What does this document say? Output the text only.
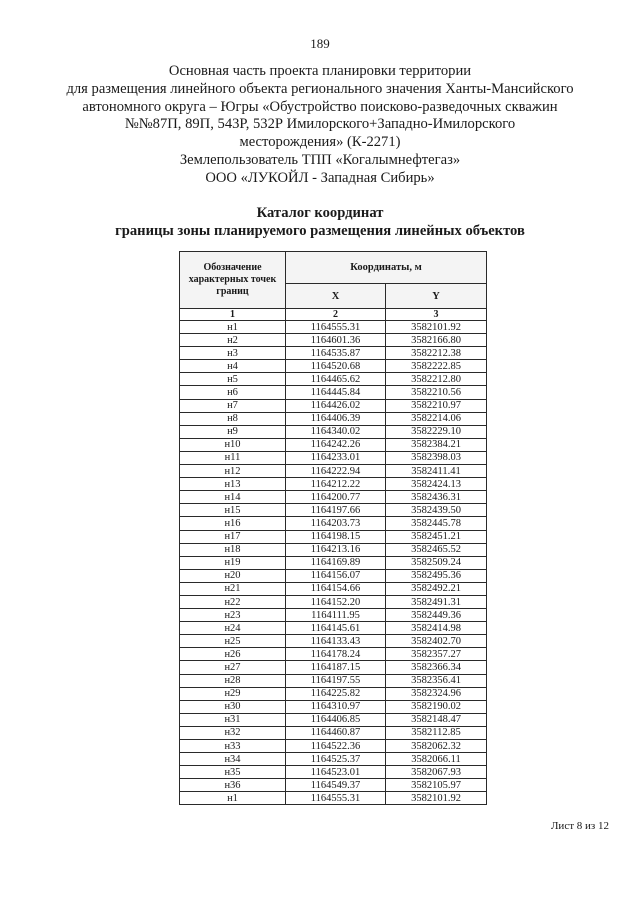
189
Основная часть проекта планировки территории
для размещения линейного объекта регионального значения Ханты-Мансийского
автономного округа – Югры «Обустройство поисково-разведочных скважин
№№87П, 89П, 543Р, 532Р Имилорского+Западно-Имилорского
месторождения» (К-2271)
Землепользователь ТПП «Когалымнефтегаз»
ООО «ЛУКОЙЛ - Западная Сибирь»
Каталог координат
границы зоны планируемого размещения линейных объектов
Обозначение характерных точек границ	Координаты, м	
	X	Y
1	2	3
н1	1164555.31	3582101.92
н2	1164601.36	3582166.80
н3	1164535.87	3582212.38
н4	1164520.68	3582222.85
н5	1164465.62	3582212.80
н6	1164445.84	3582210.56
н7	1164426.02	3582210.97
н8	1164406.39	3582214.06
н9	1164340.02	3582229.10
н10	1164242.26	3582384.21
н11	1164233.01	3582398.03
н12	1164222.94	3582411.41
н13	1164212.22	3582424.13
н14	1164200.77	3582436.31
н15	1164197.66	3582439.50
н16	1164203.73	3582445.78
н17	1164198.15	3582451.21
н18	1164213.16	3582465.52
н19	1164169.89	3582509.24
н20	1164156.07	3582495.36
н21	1164154.66	3582492.21
н22	1164152.20	3582491.31
н23	1164111.95	3582449.36
н24	1164145.61	3582414.98
н25	1164133.43	3582402.70
н26	1164178.24	3582357.27
н27	1164187.15	3582366.34
н28	1164197.55	3582356.41
н29	1164225.82	3582324.96
н30	1164310.97	3582190.02
н31	1164406.85	3582148.47
н32	1164460.87	3582112.85
н33	1164522.36	3582062.32
н34	1164525.37	3582066.11
н35	1164523.01	3582067.93
н36	1164549.37	3582105.97
н1	1164555.31	3582101.92
Лист 8 из 12
